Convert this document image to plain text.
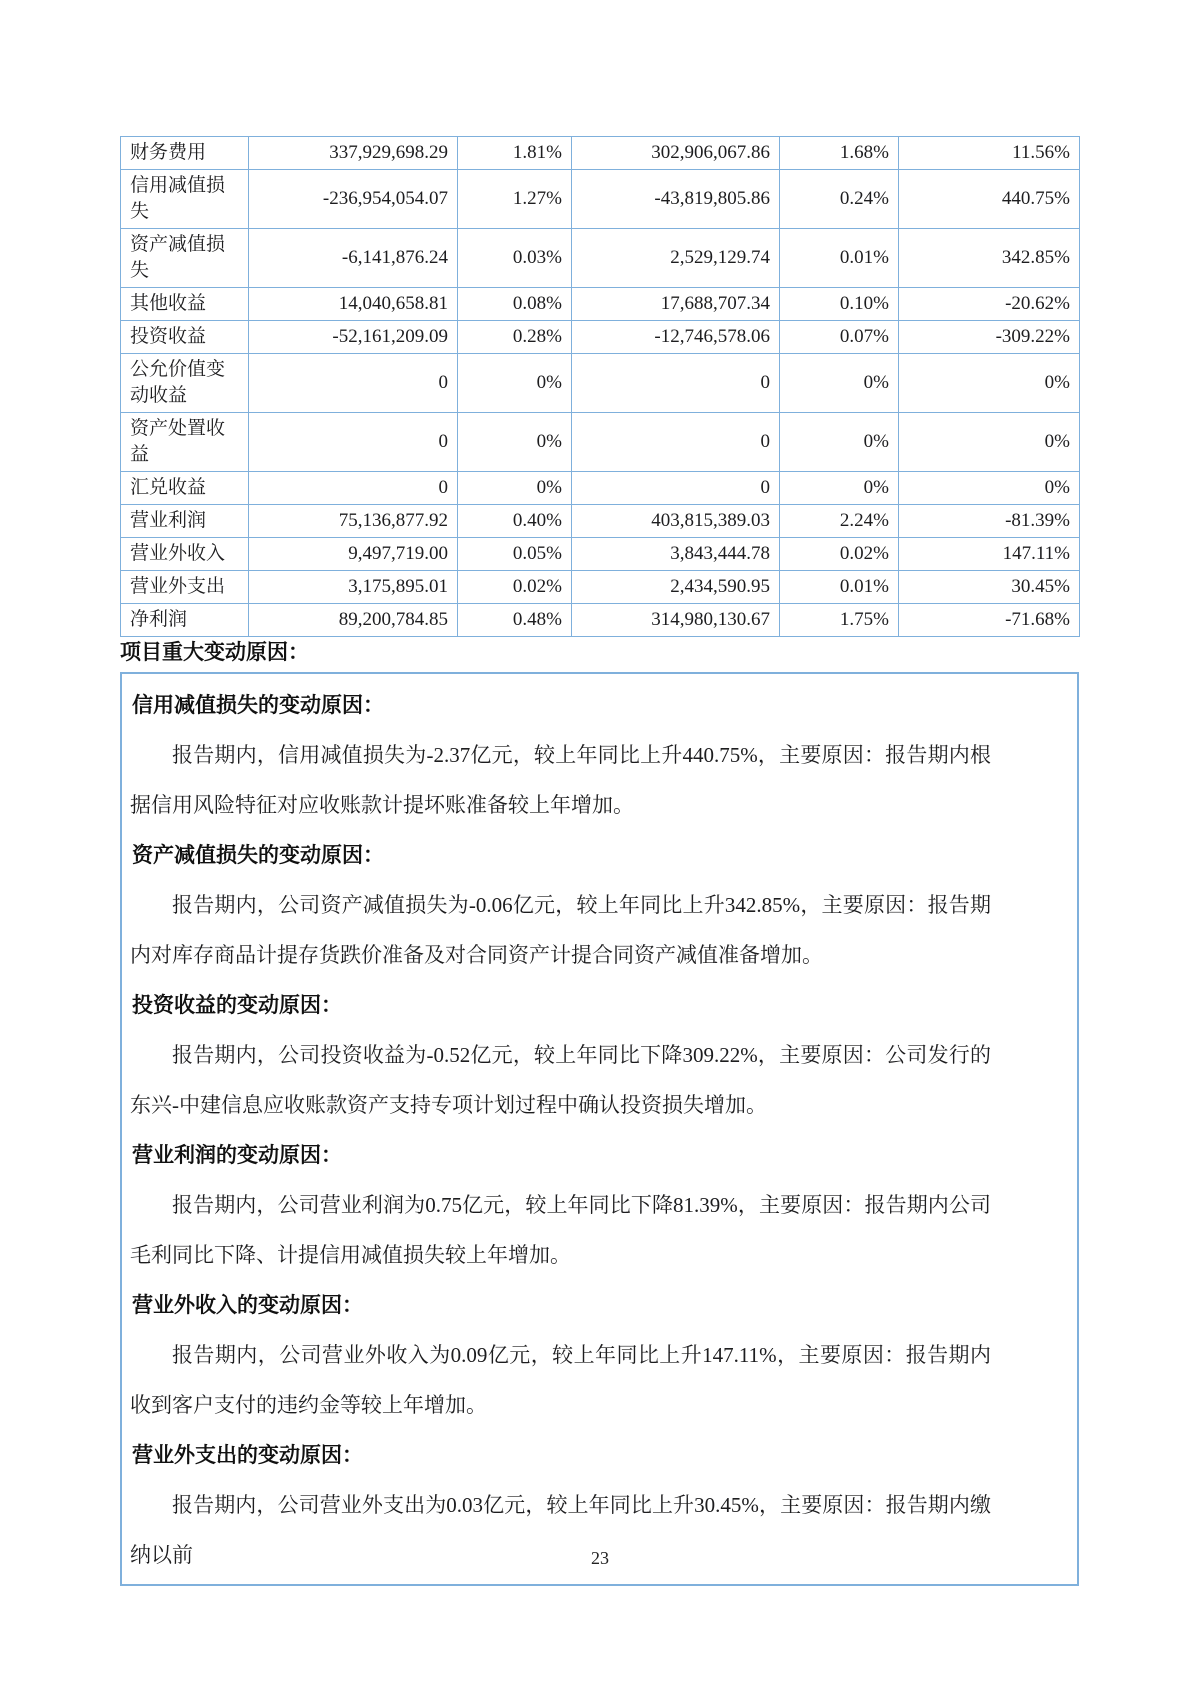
财务费用	337,929,698.29	1.81%	302,906,067.86	1.68%	11.56%
信用减值损失	-236,954,054.07	1.27%	-43,819,805.86	0.24%	440.75%
资产减值损失	-6,141,876.24	0.03%	2,529,129.74	0.01%	342.85%
其他收益	14,040,658.81	0.08%	17,688,707.34	0.10%	-20.62%
投资收益	-52,161,209.09	0.28%	-12,746,578.06	0.07%	-309.22%
公允价值变动收益	0	0%	0	0%	0%
资产处置收益	0	0%	0	0%	0%
汇兑收益	0	0%	0	0%	0%
营业利润	75,136,877.92	0.40%	403,815,389.03	2.24%	-81.39%
营业外收入	9,497,719.00	0.05%	3,843,444.78	0.02%	147.11%
营业外支出	3,175,895.01	0.02%	2,434,590.95	0.01%	30.45%
净利润	89,200,784.85	0.48%	314,980,130.67	1.75%	-71.68%
项目重大变动原因：
信用减值损失的变动原因：

报告期内，信用减值损失为-2.37亿元，较上年同比上升440.75%，主要原因：报告期内根据信用风险特征对应收账款计提坏账准备较上年增加。

资产减值损失的变动原因：

报告期内，公司资产减值损失为-0.06亿元，较上年同比上升342.85%，主要原因：报告期内对库存商品计提存货跌价准备及对合同资产计提合同资产减值准备增加。

投资收益的变动原因：

报告期内，公司投资收益为-0.52亿元，较上年同比下降309.22%，主要原因：公司发行的东兴-中建信息应收账款资产支持专项计划过程中确认投资损失增加。

营业利润的变动原因：

报告期内，公司营业利润为0.75亿元，较上年同比下降81.39%，主要原因：报告期内公司毛利同比下降、计提信用减值损失较上年增加。

营业外收入的变动原因：

报告期内，公司营业外收入为0.09亿元，较上年同比上升147.11%，主要原因：报告期内收到客户支付的违约金等较上年增加。

营业外支出的变动原因：

报告期内，公司营业外支出为0.03亿元，较上年同比上升30.45%，主要原因：报告期内缴纳以前	23
